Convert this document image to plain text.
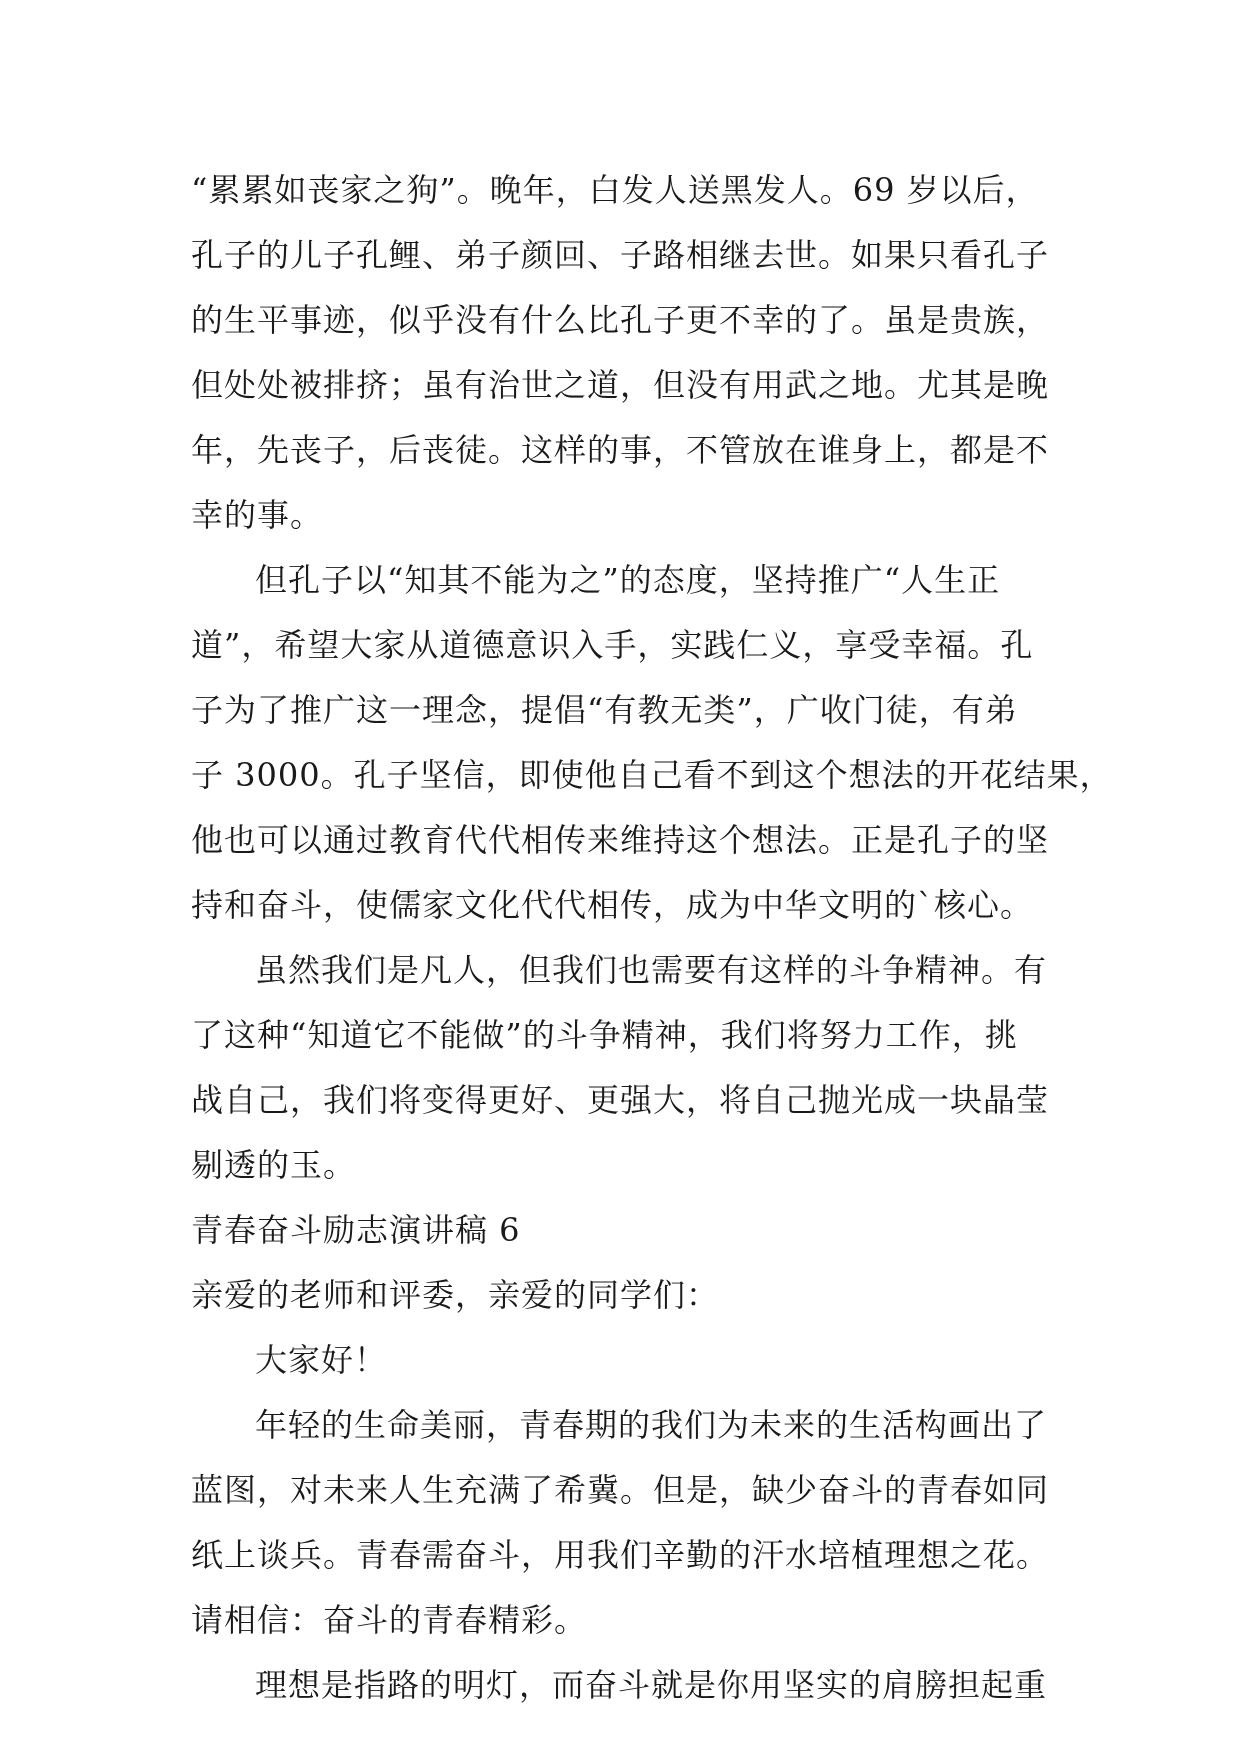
“累累如丧家之狗”。晚年，白发人送黑发人。69 岁以后，
孔子的儿子孔鲤、弟子颜回、子路相继去世。如果只看孔子
的生平事迹，似乎没有什么比孔子更不幸的了。虽是贵族，
但处处被排挤；虽有治世之道，但没有用武之地。尤其是晚
年，先丧子，后丧徒。这样的事，不管放在谁身上，都是不
幸的事。
但孔子以“知其不能为之”的态度，坚持推广“人生正
道”，希望大家从道德意识入手，实践仁义，享受幸福。孔
子为了推广这一理念，提倡“有教无类”，广收门徒，有弟
子 3000。孔子坚信，即使他自己看不到这个想法的开花结果，
他也可以通过教育代代相传来维持这个想法。正是孔子的坚
持和奋斗，使儒家文化代代相传，成为中华文明的`核心。
虽然我们是凡人，但我们也需要有这样的斗争精神。有
了这种“知道它不能做”的斗争精神，我们将努力工作，挑
战自己，我们将变得更好、更强大，将自己抛光成一块晶莹
剔透的玉。
青春奋斗励志演讲稿 6
亲爱的老师和评委，亲爱的同学们：
大家好！
年轻的生命美丽，青春期的我们为未来的生活构画出了
蓝图，对未来人生充满了希冀。但是，缺少奋斗的青春如同
纸上谈兵。青春需奋斗，用我们辛勤的汗水培植理想之花。
请相信：奋斗的青春精彩。
理想是指路的明灯，而奋斗就是你用坚实的肩膀担起重
